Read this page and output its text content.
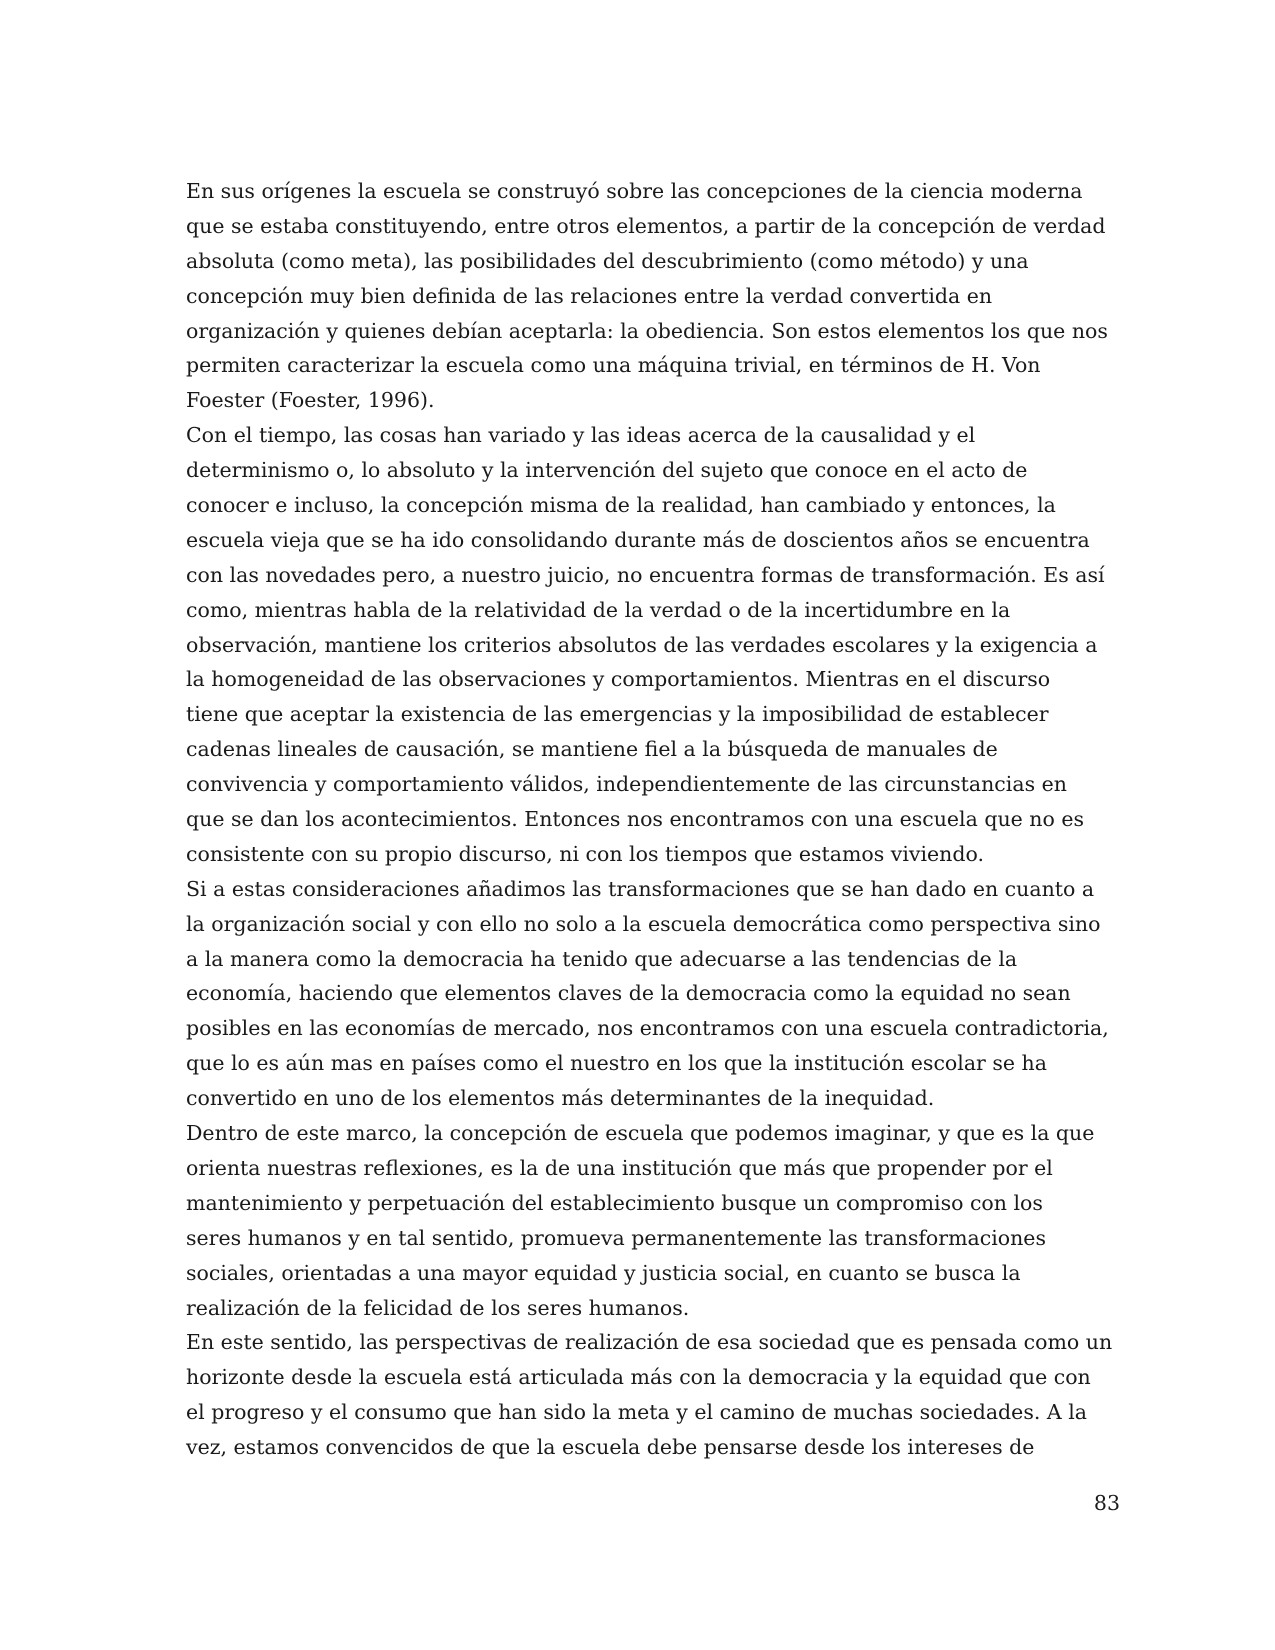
En sus orígenes la escuela se construyó sobre las concepciones de la ciencia moderna
que se estaba constituyendo, entre otros elementos, a partir de la concepción de verdad
absoluta (como meta), las posibilidades del descubrimiento (como método) y una
concepción muy bien definida de las relaciones entre la verdad convertida en
organización y quienes debían aceptarla: la obediencia. Son estos elementos los que nos
permiten caracterizar la escuela como una máquina trivial, en términos de H. Von
Foester (Foester, 1996).
Con el tiempo, las cosas han variado y las ideas acerca de la causalidad y el
determinismo o, lo absoluto y la intervención del sujeto que conoce en el acto de
conocer e incluso, la concepción misma de la realidad, han cambiado y entonces, la
escuela vieja que se ha ido consolidando durante más de doscientos años se encuentra
con las novedades pero, a nuestro juicio, no encuentra formas de transformación. Es así
como, mientras habla de la relatividad de la verdad o de la incertidumbre en la
observación, mantiene los criterios absolutos de las verdades escolares y la exigencia a
la homogeneidad de las observaciones y comportamientos. Mientras en el discurso
tiene que aceptar la existencia de las emergencias y la imposibilidad de establecer
cadenas lineales de causación, se mantiene fiel a la búsqueda de manuales de
convivencia y comportamiento válidos, independientemente de las circunstancias en
que se dan los acontecimientos. Entonces nos encontramos con una escuela que no es
consistente con su propio discurso, ni con los tiempos que estamos viviendo.
Si a estas consideraciones añadimos las transformaciones que se han dado en cuanto a
la organización social y con ello no solo a la escuela democrática como perspectiva sino
a la manera como la democracia ha tenido que adecuarse a las tendencias de la
economía, haciendo que elementos claves de la democracia como la equidad no sean
posibles en las economías de mercado, nos encontramos con una escuela contradictoria,
que lo es aún mas en países como el nuestro en los que la institución escolar se ha
convertido en uno de los elementos más determinantes de la inequidad.
Dentro de este marco, la concepción de escuela que podemos imaginar, y que es la que
orienta nuestras reflexiones, es la de una institución que más que propender por el
mantenimiento y perpetuación del establecimiento busque un compromiso con los
seres humanos y en tal sentido, promueva permanentemente las transformaciones
sociales, orientadas a una mayor equidad y justicia social, en cuanto se busca la
realización de la felicidad de los seres humanos.
En este sentido, las perspectivas de realización de esa sociedad que es pensada como un
horizonte desde la escuela está articulada más con la democracia y la equidad que con
el progreso y el consumo que han sido la meta y el camino de muchas sociedades. A la
vez, estamos convencidos de que la escuela debe pensarse desde los intereses de
83
